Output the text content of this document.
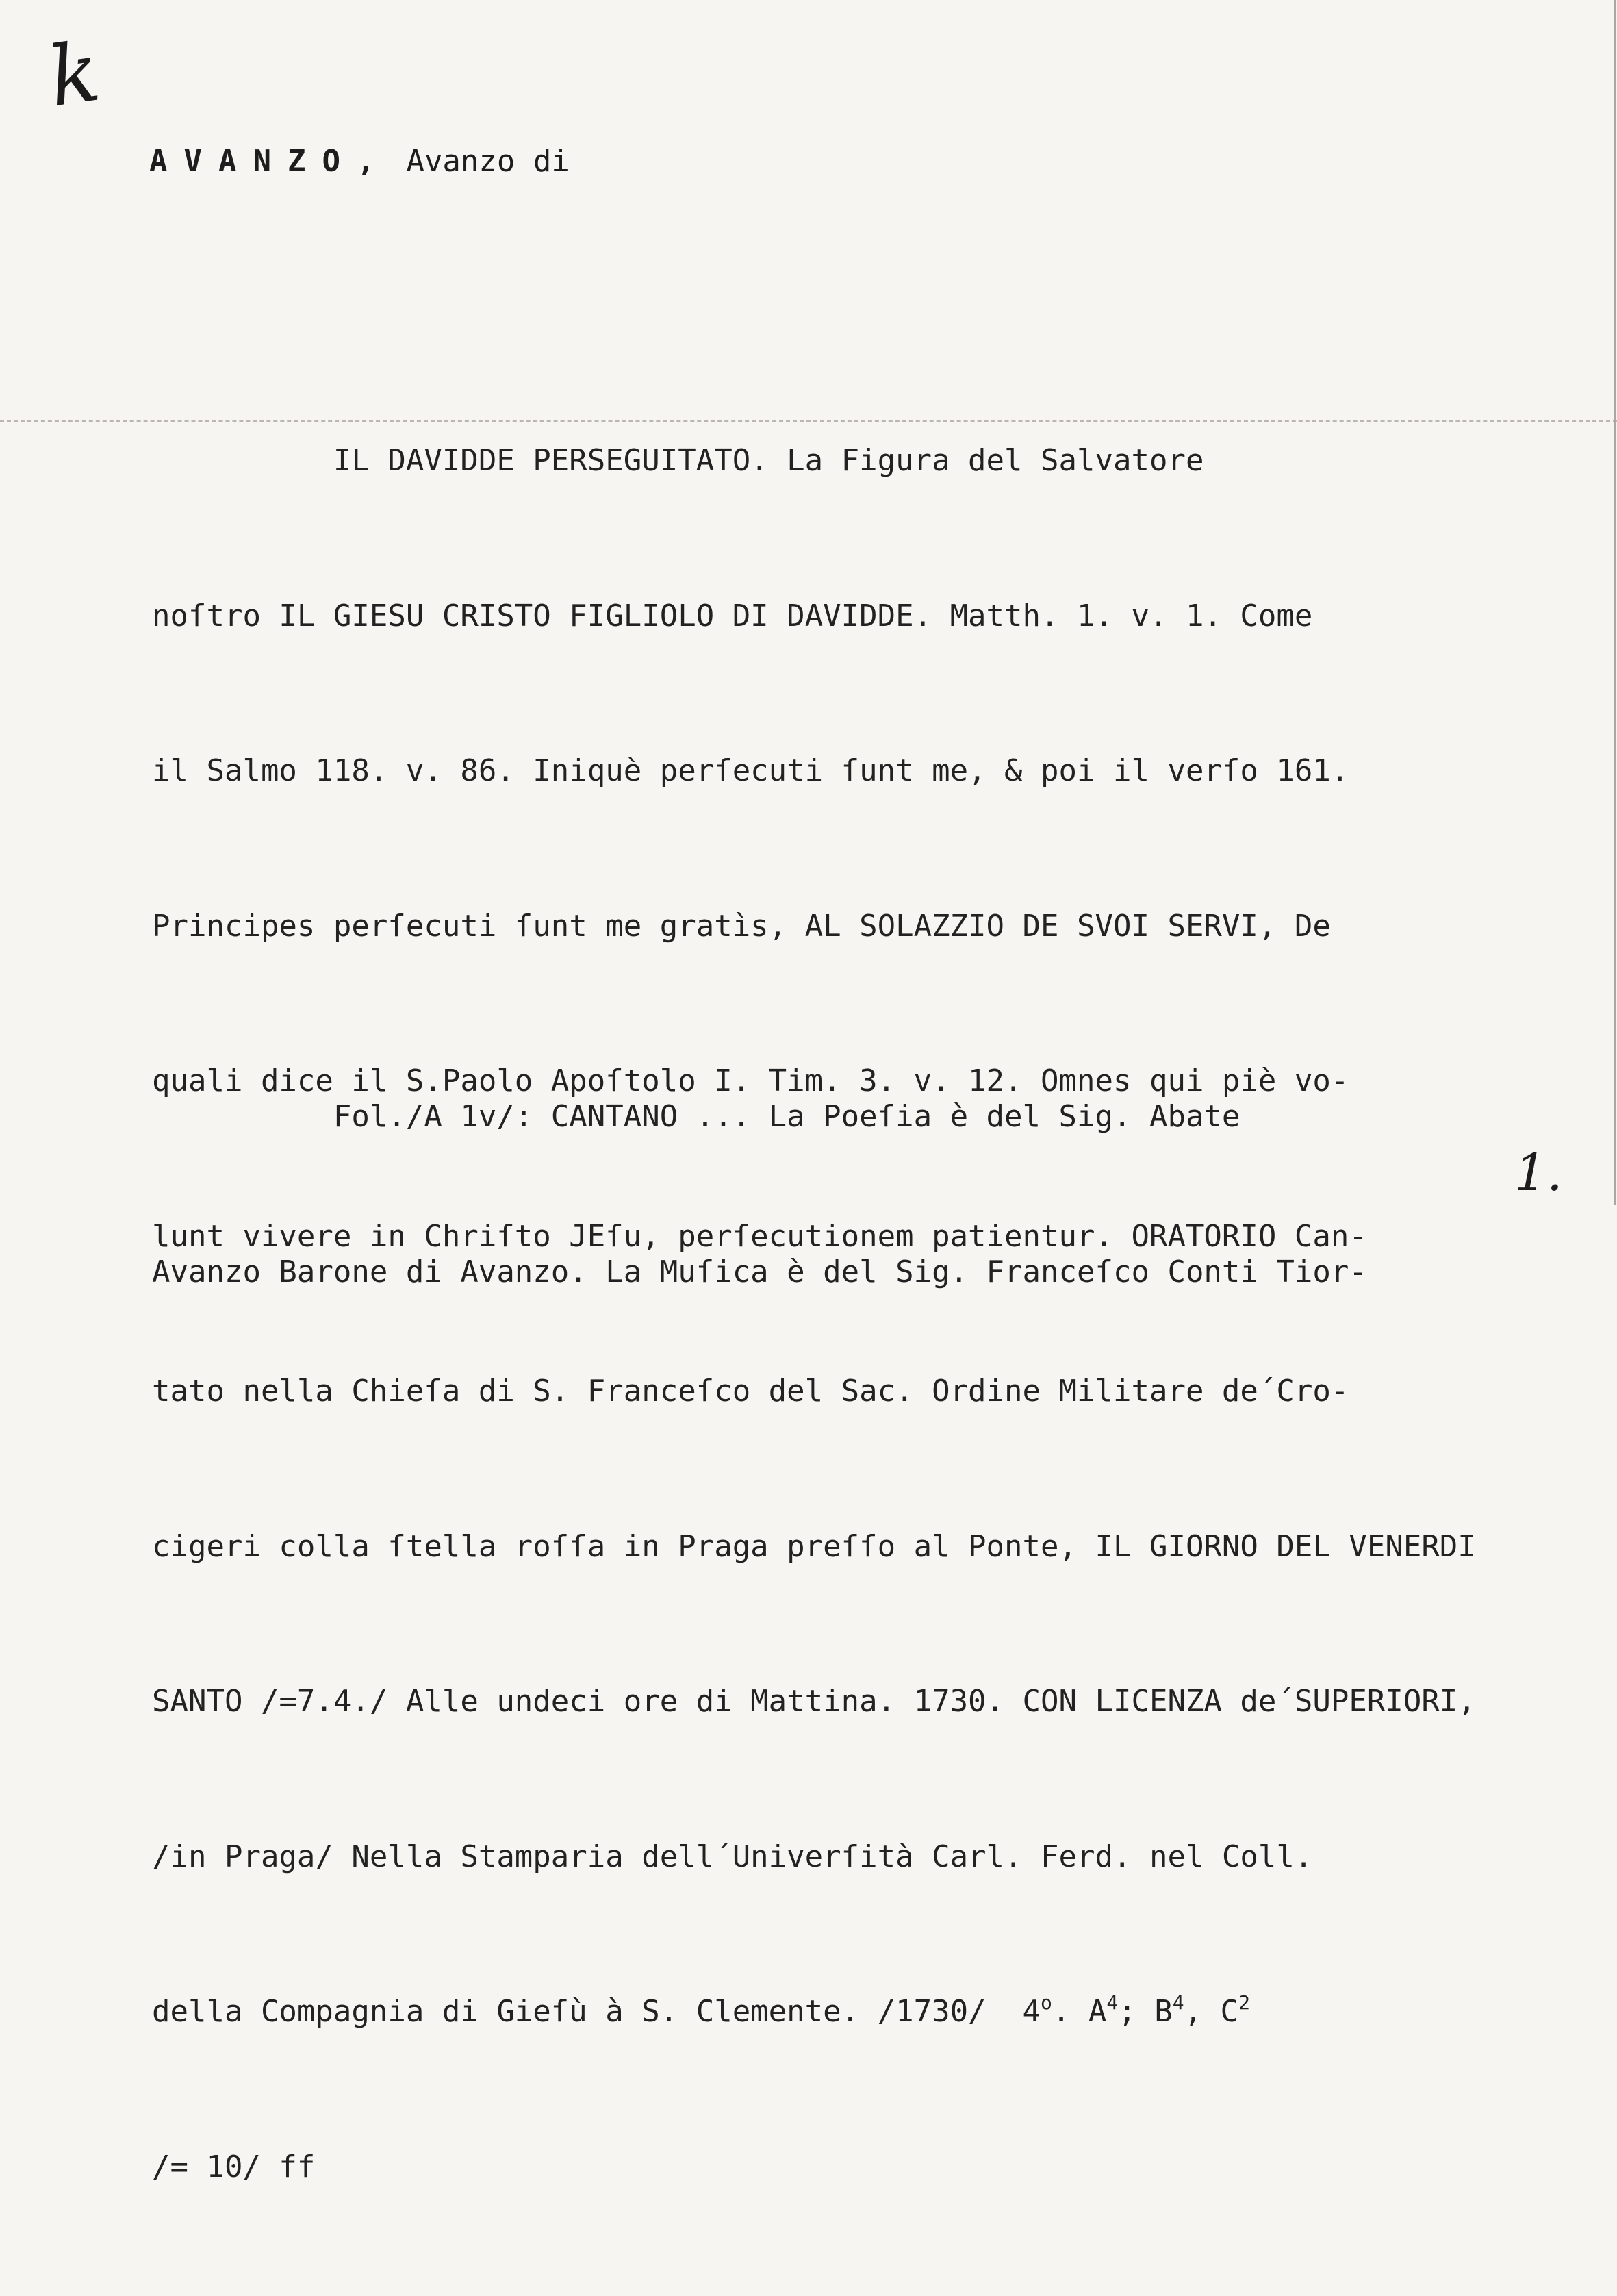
k
AVANZO, Avanzo di

IL DAVIDDE PERSEGUITATO. La Figura del Salvatore

noſtro IL GIESU CRISTO FIGLIOLO DI DAVIDDE. Matth. 1. v. 1. Come

il Salmo 118. v. 86. Iniquè perſecuti ſunt me, & poi il verſo 161.

Principes perſecuti ſunt me gratìs, AL SOLAZZIO DE SVOI SERVI, De

quali dice il S.Paolo Apoſtolo I. Tim. 3. v. 12. Omnes qui piè vo-

lunt vivere in Chriſto JEſu, perſecutionem patientur. ORATORIO Can-

tato nella Chieſa di S. Franceſco del Sac. Ordine Militare de´Cro-

cigeri colla ſtella roſſa in Praga preſſo al Ponte, IL GIORNO DEL VENERDI

SANTO /=7.4./ Alle undeci ore di Mattina. 1730. CON LICENZA de´SUPERIORI,

/in Praga/ Nella Stamparia dell´Univerſità Carl. Ferd. nel Coll.

della Compagnia di Gieſù à S. Clemente. /1730/  4$^o$. $A^4$; $B^4$, $C^2$

/= 10/ ff

Fol./A 1v/: CANTANO ... La Poeſia è del Sig. Abate

Avanzo Barone di Avanzo. La Muſica è del Sig. Franceſco Conti Tior-

1.
